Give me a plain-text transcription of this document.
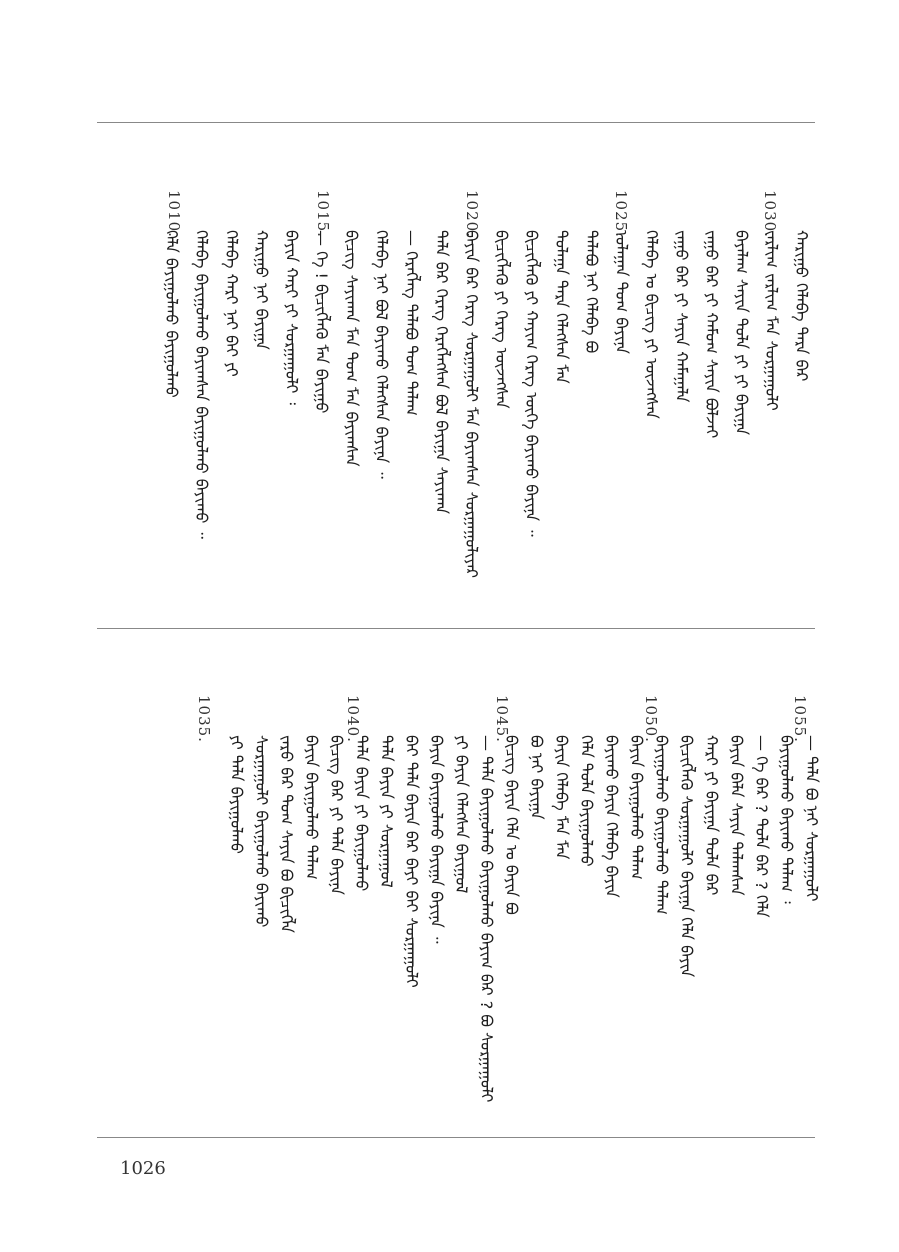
1030.
1025.
1020.
1015.
1010.
ᠬᠠᠷᠢᠭᠤ ᠬᠡᠯᠡᠪᠡ ᠲᠡᠷᠡ ᠪᠡᠷ
ᠵᠠᠷᠯᠢᠭ ᠵᠠᠷᠯᠢᠭ ᠮᠠᠨ ᠰᠤᠷᠭᠠᠭᠤᠯᠢ
ᠪᠠᠶᠠᠯᠠᠭ ᠰᠠᠶᠢᠨ ᠲᠤᠯᠠ ᠶᠢ ᠶᠢ ᠪᠠᠶᠢᠭᠠ
ᠵᠠᠭᠤ ᠪᠡᠷ ᠶᠢ ᠬᠠᠮᠤᠭ ᠰᠠᠶᠢᠨ ᠪᠣᠯᠵᠠᠢ
ᠵᠠᠭᠤ ᠪᠡᠷ ᠶᠢ ᠰᠠᠶᠢᠨ ᠬᠠᠮᠠᠭᠠᠯᠠ
ᠬᠡᠯᠡᠪᠡ ᠣ ᠪᠢᠴᠢᠭ ᠶᠢ ᠦᠵᠡᠭᠰᠡᠨ
ᠤᠯᠠᠭᠠᠨ ᠲᠤᠭ ᠪᠠᠶᠢᠨᠠ
ᠲᠠᠯᠠᠪᠤ ᠨᠠᠢ ᠬᠡᠯᠡᠪᠡ ᠪᠤ
ᠲᠤᠯᠠᠭᠠ ᠲᠡᠷᠡ ᠬᠡᠯᠡᠭᠰᠡᠨ ᠮᠠᠨ
ᠪᠢᠴᠢᠭᠯᠡᠬᠦ ᠶᠢ ᠬᠠᠶᠢᠭ ᠬᠡᠷᠡᠭ ᠦᠭᠡ ᠪᠠᠶᠢᠬᠤ ᠪᠠᠶᠢᠨᠠ ᠃
ᠪᠢᠴᠢᠭᠯᠡᠬᠦ ᠶᠢ ᠬᠡᠷᠡᠭ ᠦᠵᠡᠭᠰᠡᠨ
ᠪᠠᠶᠢᠨ ᠪᠡᠷ ᠬᠡᠷᠡᠭ ᠰᠤᠷᠭᠠᠭᠤᠯᠢ ᠮᠠᠨ ᠪᠠᠶᠢᠭᠰᠠᠨ ᠰᠤᠷᠭᠠᠭᠤᠯᠢᠶᠠᠷ
ᠲᠠᠯᠠ ᠪᠡᠷ ᠬᠡᠷᠡᠭ ᠬᠡᠷᠡᠭᠯᠡᠭᠰᠡᠨ ᠪᠣᠯ ᠪᠠᠶᠢᠭᠠ ᠰᠠᠶᠢᠬᠠᠨ
— ᠬᠡᠷᠡᠭᠯᠡᠭ ᠲᠠᠯᠠᠪᠤ ᠲᠤᠭ ᠲᠠᠯᠠᠭ
ᠬᠡᠯᠡᠪᠡ ᠨᠠᠢ ᠪᠤᠯ ᠪᠠᠶᠢᠬᠤ ᠬᠡᠯᠡᠭᠰᠡᠨ ᠪᠠᠶᠢᠨᠠ ᠃
ᠪᠢᠴᠢᠭ ᠰᠠᠶᠢᠬᠠᠨ ᠮᠠᠨ ᠲᠤᠭ ᠮᠠᠨ ᠪᠠᠶᠢᠭᠰᠠᠨ
— ᠬᠡ ! ᠪᠢᠴᠢᠭᠯᠡᠬᠦ ᠮᠠᠨ ᠪᠠᠶᠢᠭᠤ
ᠪᠠᠶᠢᠨ ᠬᠠᠷᠢ ᠶᠢ ᠰᠤᠷᠭᠠᠭᠤᠯᠢ ᠄
ᠬᠠᠷᠢᠭᠤ ᠨᠠᠢ ᠪᠠᠶᠢᠭᠠ
ᠬᠡᠯᠡᠪᠡ ᠬᠠᠷᠢ ᠨᠠᠢ ᠪᠠᠢ ᠶᠢ
ᠬᠡᠯᠡᠪᠡ ᠪᠠᠶᠢᠭᠤᠯᠬᠤ ᠪᠠᠶᠢᠭᠰᠠᠨ ᠪᠠᠶᠢᠭᠤᠯᠬᠤ ᠪᠠᠶᠢᠬᠤ ᠃
ᠬᠡᠯᠡ ᠪᠠᠶᠢᠭᠤᠯᠬᠤ ᠪᠠᠶᠢᠭᠤᠯᠬᠤ
1055.
1050.
1045.
1040.
1035.
— ᠲᠠᠯᠠ ᠪᠤ ᠨᠠᠢ ᠰᠤᠷᠭᠠᠭᠤᠯᠢ
ᠪᠠᠶᠢᠭᠤᠯᠬᠤ ᠪᠠᠶᠢᠬᠤ ᠲᠠᠯᠠᠭ ᠄
— ᠬᠡ ᠪᠡᠷ ? ᠲᠤᠯᠠ ᠪᠡᠷ ? ᠬᠡᠯᠡ
ᠪᠠᠶᠢᠨ ᠪᠡᠯᠡ ᠰᠠᠶᠢᠨ ᠲᠠᠯᠠᠭᠰᠠᠨ
ᠬᠠᠷᠢ ᠶᠢ ᠪᠠᠶᠢᠭᠠ ᠲᠤᠯᠠ ᠪᠡᠷ
ᠪᠢᠴᠢᠭᠯᠡᠬᠦ ᠰᠤᠷᠭᠠᠭᠤᠯᠢ ᠪᠠᠶᠢᠭᠠ ᠬᠡᠯᠡ ᠪᠠᠶᠢᠨ
ᠪᠠᠶᠢᠭᠤᠯᠬᠤ ᠪᠠᠶᠢᠭᠤᠯᠬᠤ ᠲᠠᠯᠠᠭ
ᠪᠠᠶᠢᠨ ᠪᠠᠶᠢᠭᠤᠯᠬᠤ ᠲᠠᠯᠠᠭ
ᠪᠠᠶᠢᠬᠤ ᠪᠠᠶᠢᠨ ᠬᠡᠯᠡᠪᠡ ᠪᠠᠶᠢᠨ
ᠬᠡᠯᠡ ᠲᠤᠯᠠ ᠪᠠᠶᠢᠭᠤᠯᠬᠤ
ᠪᠠᠶᠢᠨ ᠬᠡᠯᠡᠪᠡ ᠮᠠᠨ ᠮᠠᠨ
ᠪᠤ ᠨᠠᠢ ᠪᠠᠶᠢᠭᠠ
ᠪᠢᠴᠢᠭ ᠪᠠᠶᠢᠨ ᠬᠡᠯᠡ ᠣ ᠪᠠᠶᠢᠨ ᠪᠤ
— ᠲᠠᠯᠠ ᠪᠠᠶᠢᠭᠤᠯᠬᠤ ᠪᠠᠶᠢᠭᠤᠯᠬᠤ ᠪᠠᠶᠢᠭ ᠪᠡᠷ ? ᠪᠤ ᠰᠤᠷᠭᠠᠭᠤᠯᠢ
ᠶᠢ ᠪᠠᠶᠢᠨ ᠬᠡᠯᠡᠭᠰᠡᠨ ᠪᠠᠶᠢᠭᠤᠯ
ᠪᠠᠶᠢᠨ ᠪᠠᠶᠢᠭᠤᠯᠬᠤ ᠪᠠᠶᠢᠭᠠ ᠪᠠᠶᠢᠨᠠ ᠃
ᠪᠠᠢ ᠲᠠᠯᠠ ᠪᠠᠶᠢᠨ ᠪᠡᠷ ᠪᠠᠶᠢ ᠪᠠᠢ ᠰᠤᠷᠭᠠᠭᠤᠯᠢ
ᠲᠠᠯᠠ ᠪᠠᠶᠢᠨ ᠶᠢ ᠰᠤᠷᠭᠠᠭᠤᠯ
ᠲᠠᠯᠠ ᠪᠠᠶᠢᠨ ᠶᠢ ᠪᠠᠶᠢᠭᠤᠯᠬᠤ
ᠪᠢᠴᠢᠭ ᠪᠡᠷ ᠶᠢ ᠲᠠᠯᠠ ᠪᠠᠶᠢᠨᠠ
ᠪᠠᠶᠢᠨ ᠪᠠᠶᠢᠭᠤᠯᠬᠤ ᠲᠠᠯᠠᠭ
ᠵᠠᠷᠤ ᠪᠡᠷ ᠲᠤᠭ ᠰᠠᠶᠢᠨ ᠪᠤ ᠪᠢᠴᠢᠭᠯᠡ
ᠰᠤᠷᠭᠠᠭᠤᠯᠢ ᠪᠠᠶᠢᠭᠤᠯᠬᠤ ᠪᠠᠶᠢᠬᠤ
ᠶᠢ ᠲᠠᠯᠠ ᠪᠠᠶᠢᠭᠤᠯᠬᠤ
1026
